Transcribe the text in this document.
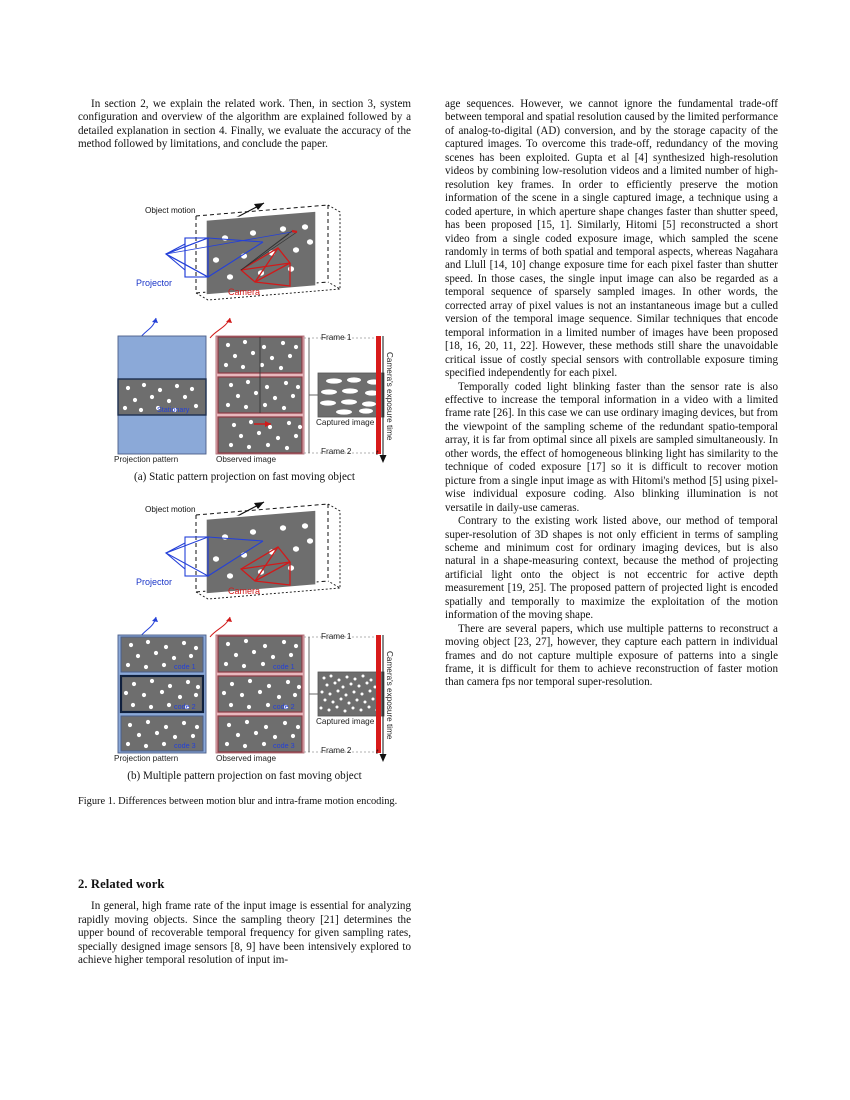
In section 2, we explain the related work. Then, in section 3, system configuration and overview of the algorithm are explained followed by a detailed explanation in section 4. Finally, we evaluate the accuracy of the method followed by limitations, and conclude the paper.

Object motion
Projector
Camera
Frame 1
Frame 2
Captured image
Projection pattern	Observed image
Camera's exposure time
Stationary
t
(a) Static pattern projection on fast moving object
Object motion
Projector
Camera
Frame 1
Frame 2
Captured image
Projection pattern	Observed image
Camera's exposure time
code 1
code 2
code 3
code 1
code 2
code 3
t
(b) Multiple pattern projection on fast moving object
Figure 1. Differences between motion blur and intra-frame motion encoding.
2. Related work

In general, high frame rate of the input image is essential for analyzing rapidly moving objects. Since the sampling theory [21] determines the upper bound of recoverable temporal frequency for given sampling rates, specially designed image sensors [8, 9] have been intensively explored to achieve higher temporal resolution of input im-

age sequences. However, we cannot ignore the fundamental trade-off between temporal and spatial resolution caused by the limited performance of analog-to-digital (AD) conversion, and by the storage capacity of the captured images. To overcome this trade-off, redundancy of the moving scenes has been exploited. Gupta et al [4] synthesized high-resolution videos by combining low-resolution videos and a limited number of high-resolution key frames. In order to efficiently preserve the motion information of the scene in a single captured image, a technique using a coded aperture, in which aperture shape changes faster than shutter speed, has been proposed [15, 1]. Similarly, Hitomi [5] reconstructed a short video from a single coded exposure image, which sampled the scene randomly in terms of both spatial and temporal aspects, whereas Nagahara and Llull [14, 10] change exposure time for each pixel faster than shutter speed. In those cases, the single input image can also be regarded as a temporal sequence of sparsely sampled images. In other words, the corrected array of pixel values is not an instantaneous image but a culled version of the temporal image sequence. Similar techniques that encode temporal information in a limited number of images have been proposed [18, 16, 20, 11, 22]. However, these methods still share the unavoidable critical issue of costly special sensors with controllable exposure timing specified independently for each pixel.

Temporally coded light blinking faster than the sensor rate is also effective to increase the temporal information in a video with a limited frame rate [26]. In this case we can use ordinary imaging devices, but from the viewpoint of the sampling scheme of the redundant spatio-temporal array, it is far from optimal since all pixels are sampled simultaneously. In other words, the effect of homogeneous blinking light has similarity to the technique of coded exposure [17] so it is difficult to recover motion picture from a single input image as with Hitomi's method [5] using pixel-wise individual exposure coding. Also blinking illumination is not versatile in daily-use cameras.

Contrary to the existing work listed above, our method of temporal super-resolution of 3D shapes is not only efficient in terms of sampling scheme and minimum cost for ordinary imaging devices, but is also natural in a shape-measuring context, because the method of projecting artificial light onto the object is not eccentric for active depth measurement [19, 25]. The proposed pattern of projected light is encoded spatially and temporally to maximize the exploitation of the motion information of the moving shape.

There are several papers, which use multiple patterns to reconstruct a moving object [23, 27], however, they capture each pattern in individual frames and do not capture multiple exposure of patterns into a single frame, it is difficult for them to achieve reconstruction of faster motion than camera fps nor temporal super-resolution.
